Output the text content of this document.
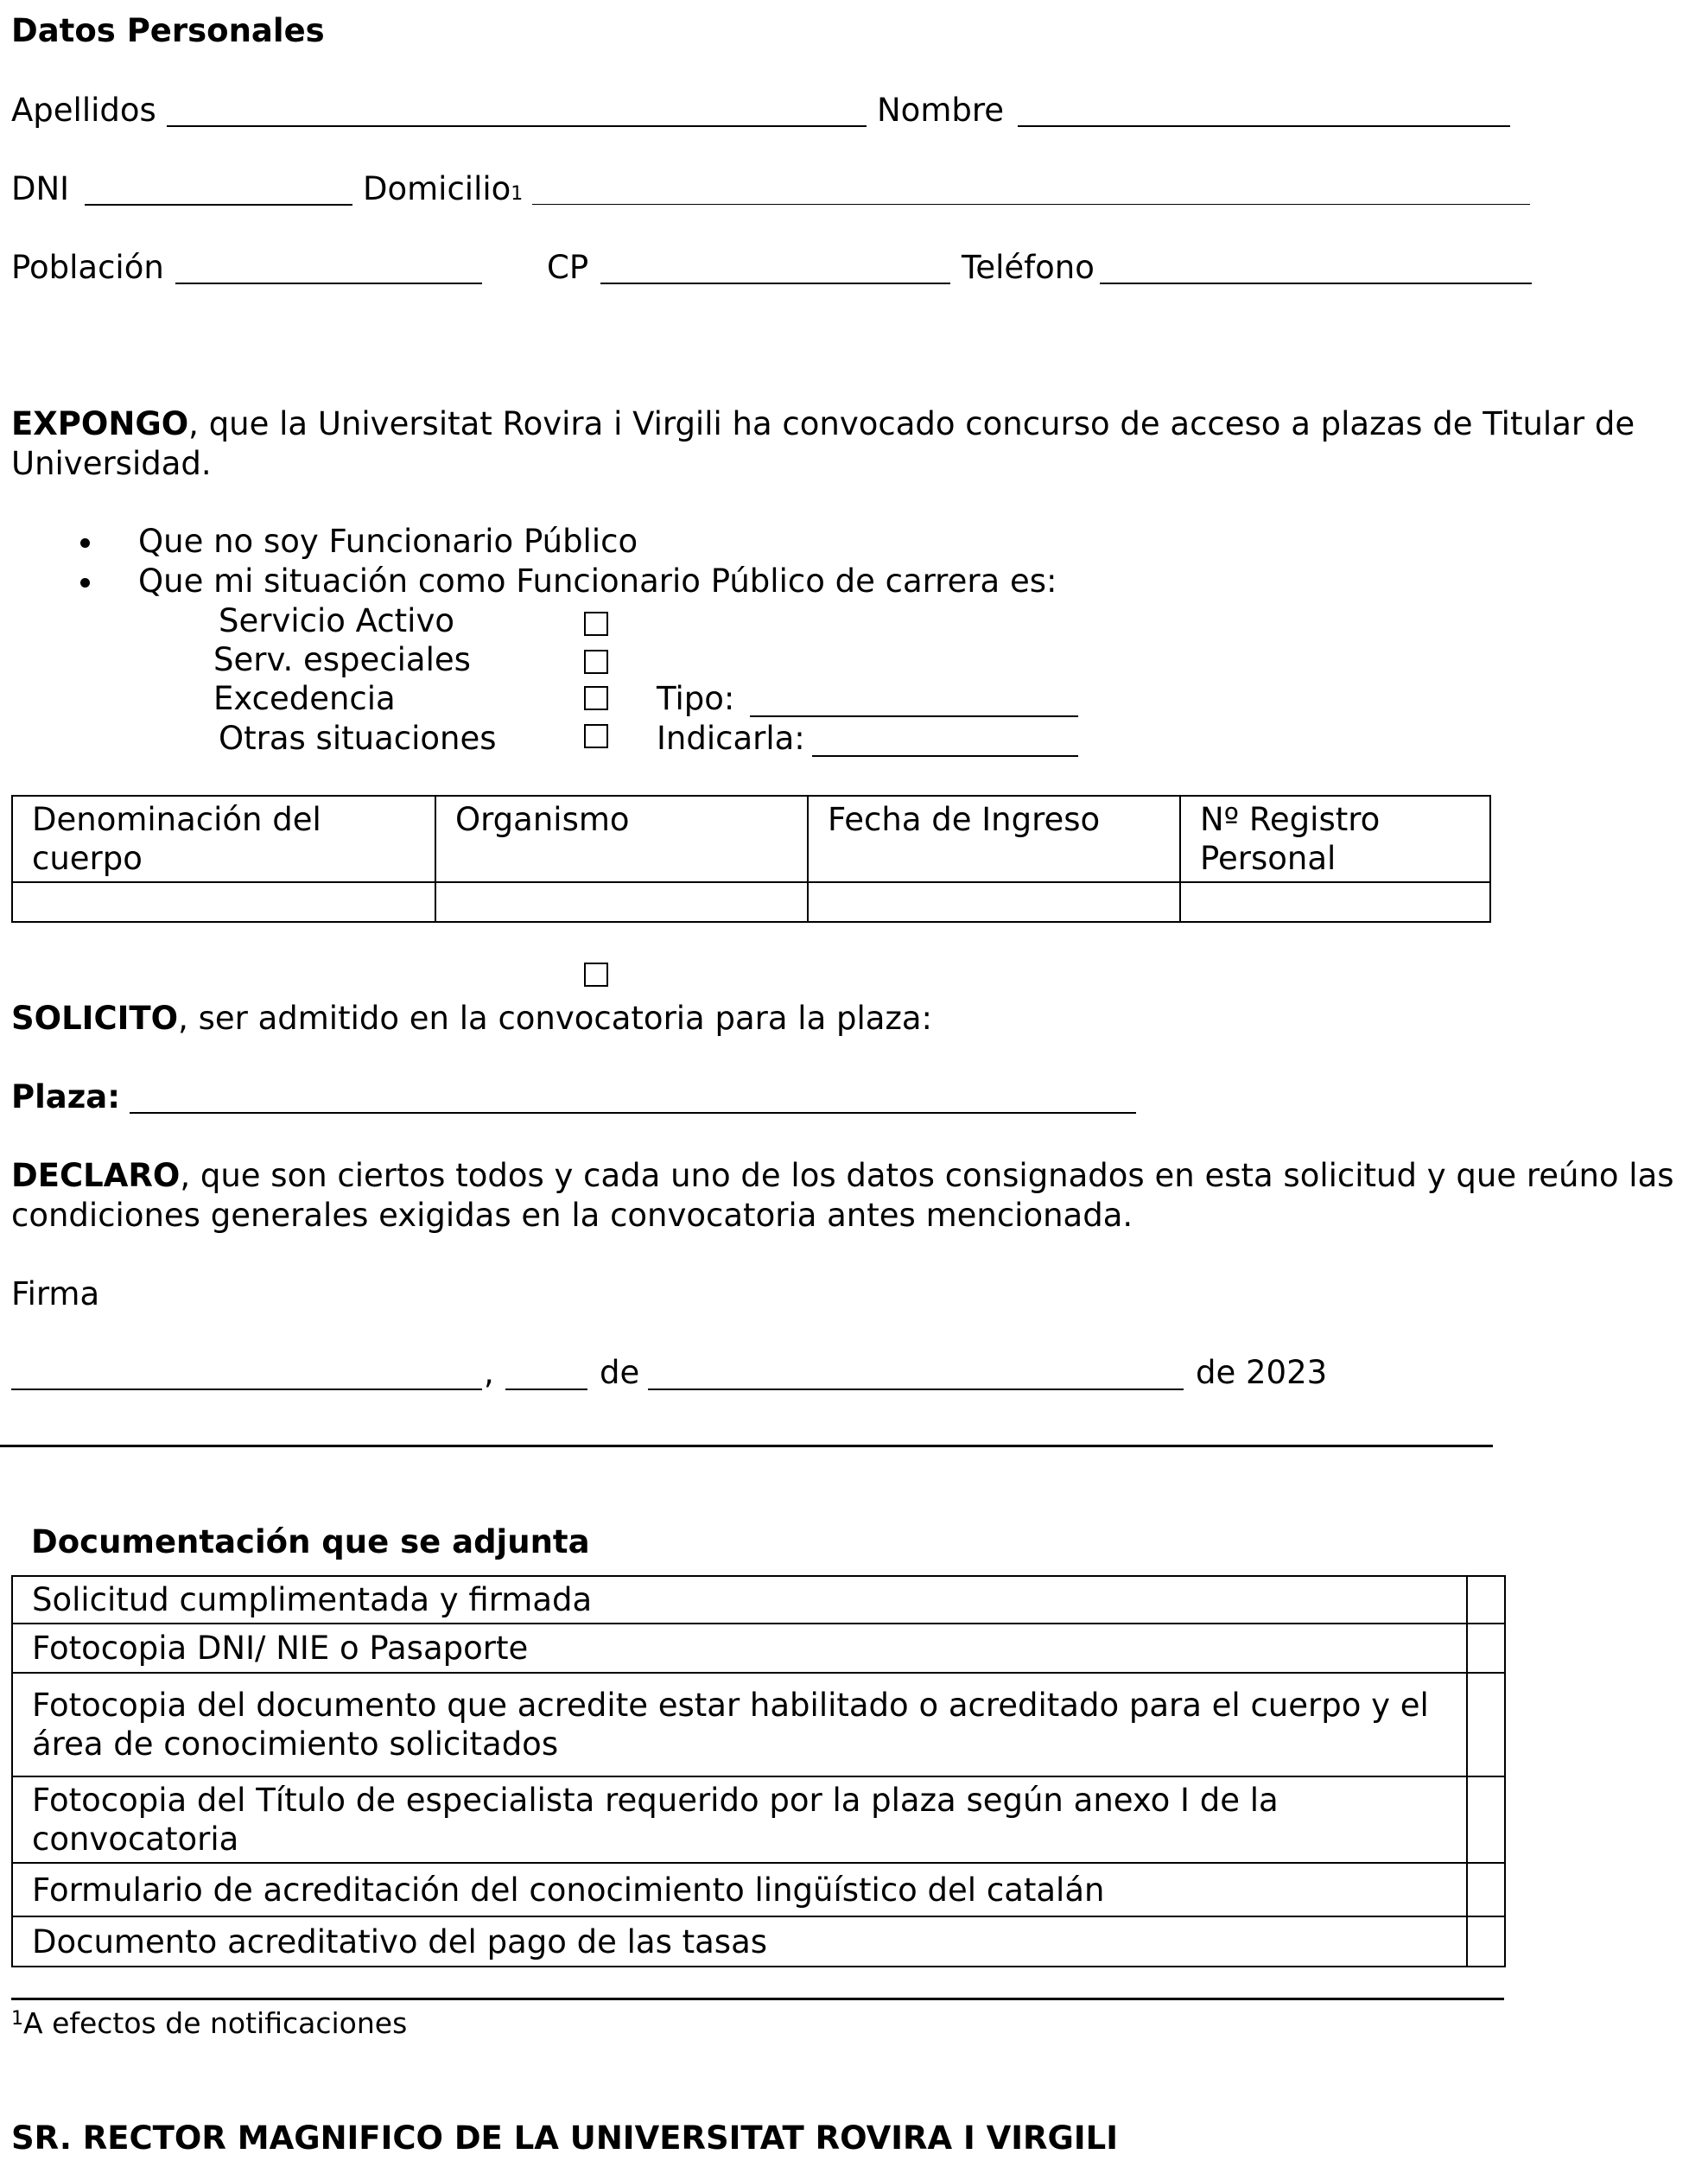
Datos Personales
Apellidos	Nombre
DNI	Domicilio1
Población	CP	Teléfono
EXPONGO, que la Universitat Rovira i Virgili ha convocado concurso de acceso a plazas de Titular de
Universidad.
Que no soy Funcionario Público
Que mi situación como Funcionario Público de carrera es:
Servicio Activo
Serv. especiales
Excedencia	Tipo:
Otras situaciones	Indicarla:
Denominación del cuerpo	Organismo	Fecha de Ingreso	Nº Registro Personal

SOLICITO, ser admitido en la convocatoria para la plaza:
Plaza:
DECLARO, que son ciertos todos y cada uno de los datos consignados en esta solicitud y que reúno las
condiciones generales exigidas en la convocatoria antes mencionada.
Firma
,	de	de 2023
Documentación que se adjunta
Solicitud cumplimentada y firmada	
Fotocopia DNI/ NIE o Pasaporte	
Fotocopia del documento que acredite estar habilitado o acreditado para el cuerpo y el área de conocimiento solicitados	
Fotocopia del Título de especialista requerido por la plaza según anexo I de la convocatoria	
Formulario de acreditación del conocimiento lingüístico del catalán	
Documento acreditativo del pago de las tasas	
$^1$A efectos de notificaciones
SR. RECTOR MAGNIFICO DE LA UNIVERSITAT ROVIRA I VIRGILI
